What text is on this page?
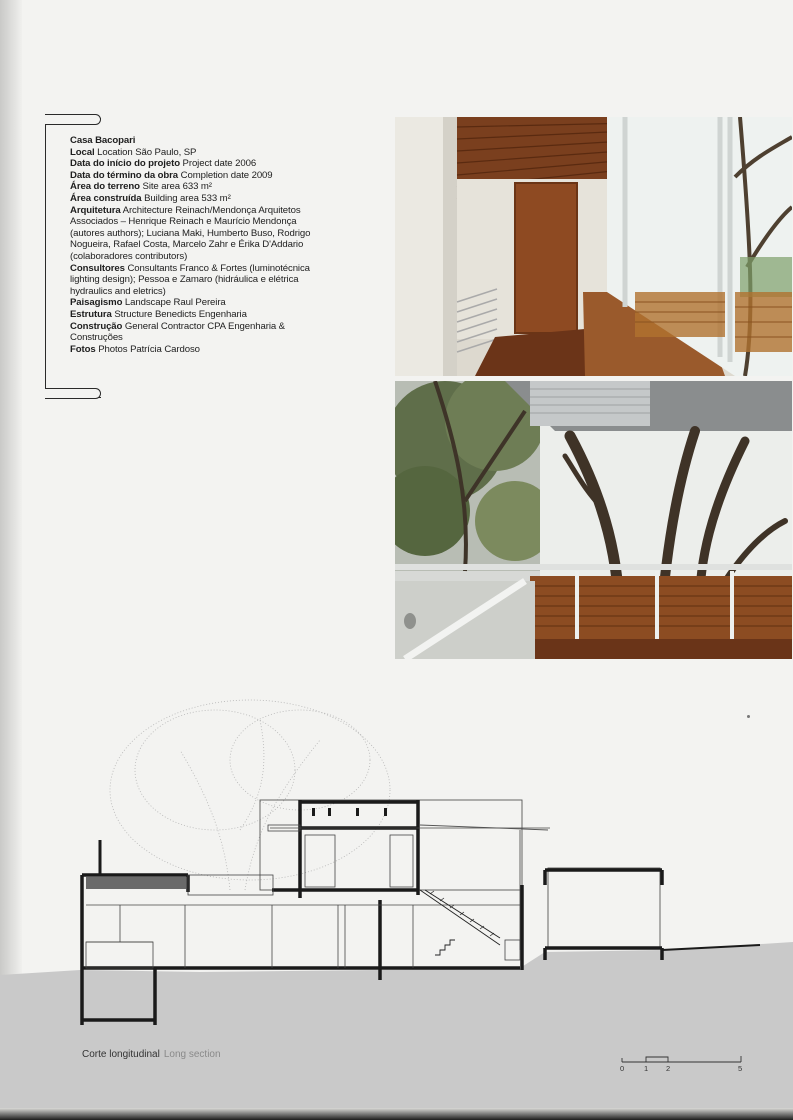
Casa Bacopari
Local Location São Paulo, SP
Data do início do projeto Project date 2006
Data do término da obra Completion date 2009
Área do terreno Site area 633 m²
Área construída Building area 533 m²
Arquitetura Architecture Reinach/Mendonça Arquitetos Associados – Henrique Reinach e Maurício Mendonça (autores authors); Luciana Maki, Humberto Buso, Rodrigo Nogueira, Rafael Costa, Marcelo Zahr e Érika D'Addario (colaboradores contributors)
Consultores Consultants Franco & Fortes (luminotécnica lighting design); Pessoa e Zamaro (hidráulica e elétrica hydraulics and eletrics)
Paisagismo Landscape Raul Pereira
Estrutura Structure Benedicts Engenharia
Construção General Contractor CPA Engenharia & Construções
Fotos Photos Patrícia Cardoso
Corte longitudinal Long section
0	1 2	5
